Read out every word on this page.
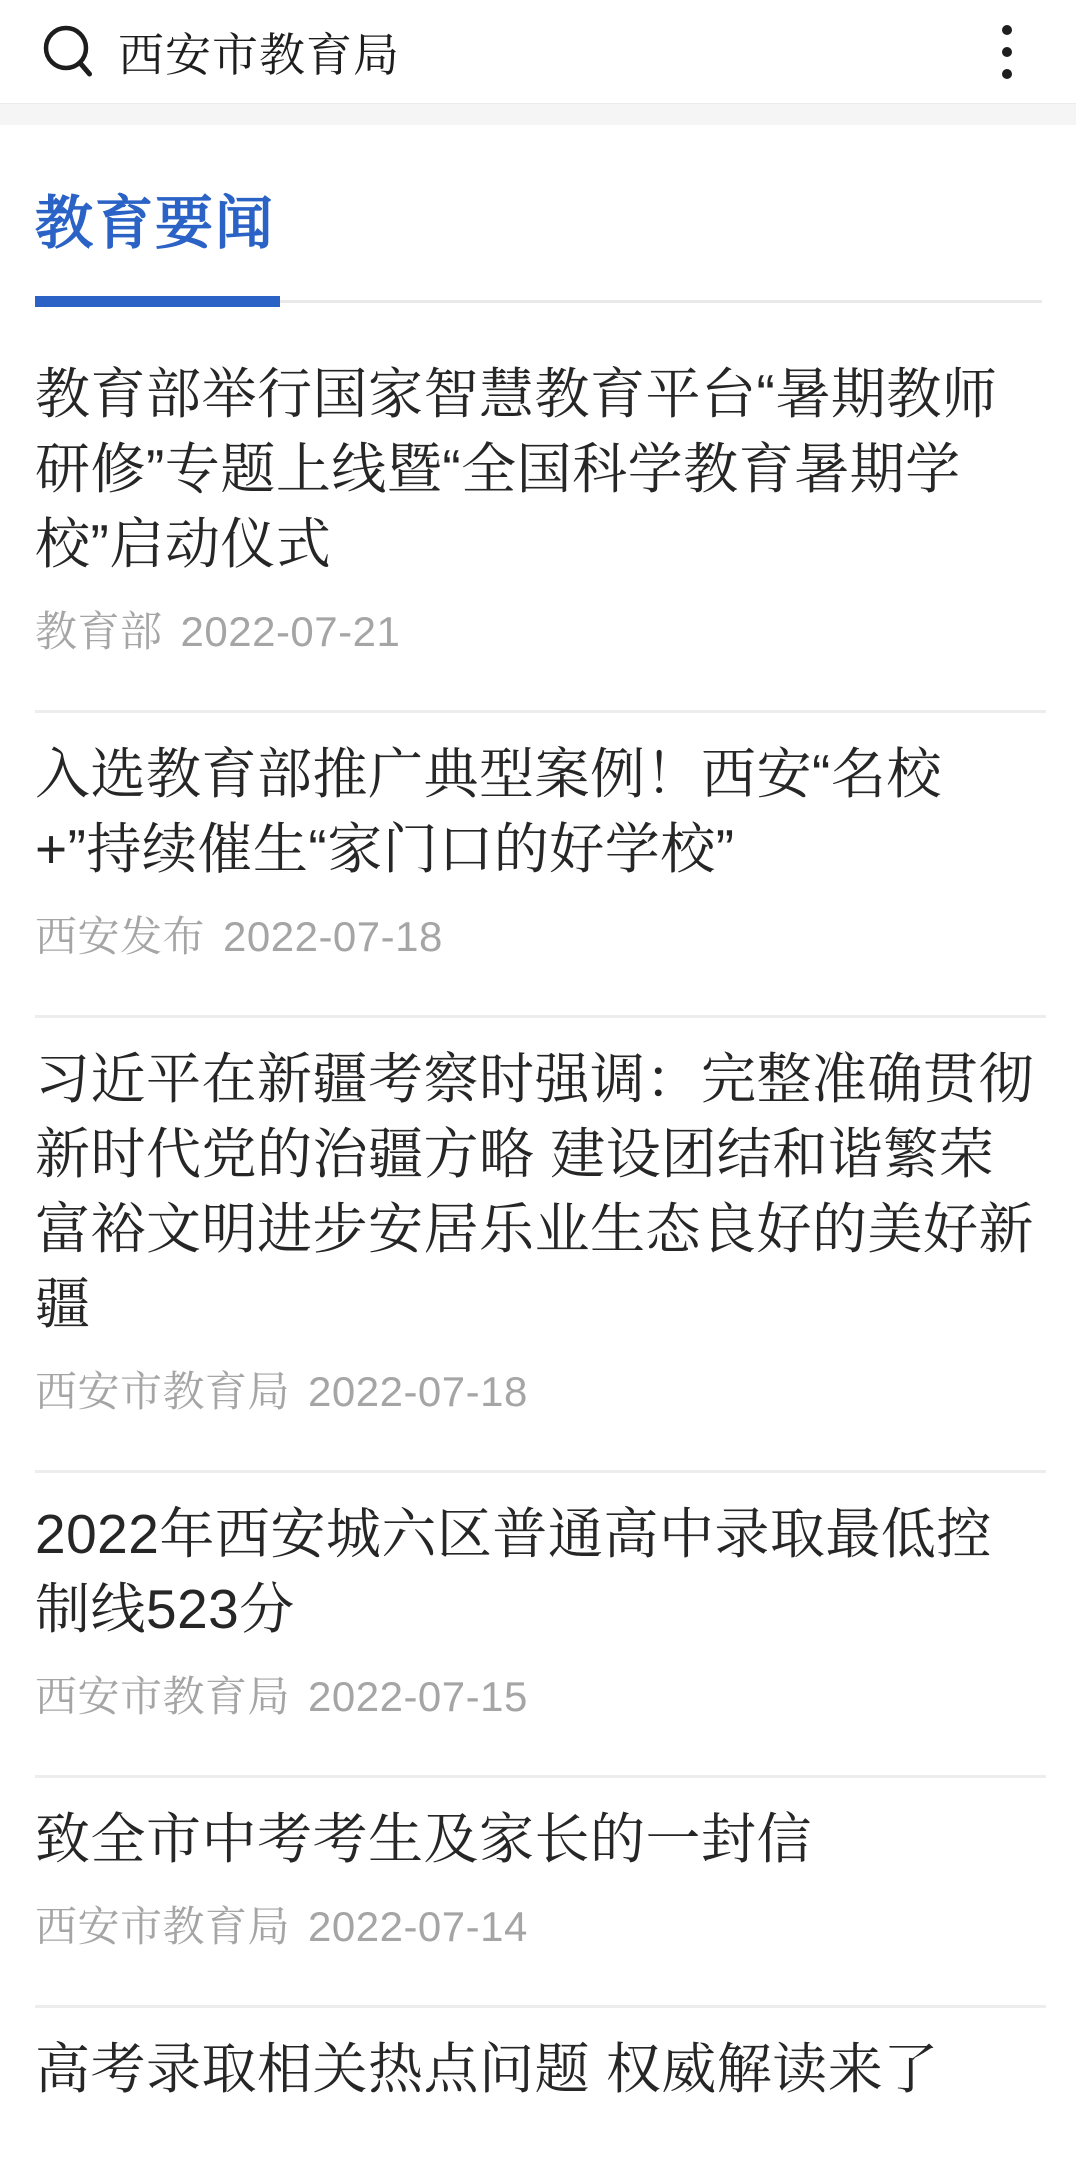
西安市教育局
教育要闻
教育部举行国家智慧教育平台“暑期教师研修”专题上线暨“全国科学教育暑期学校”启动仪式
教育部 2022-07-21
入选教育部推广典型案例！西安“名校+”持续催生“家门口的好学校”
西安发布 2022-07-18
习近平在新疆考察时强调：完整准确贯彻新时代党的治疆方略 建设团结和谐繁荣富裕文明进步安居乐业生态良好的美好新疆
西安市教育局 2022-07-18
2022年西安城六区普通高中录取最低控制线523分
西安市教育局 2022-07-15
致全市中考考生及家长的一封信
西安市教育局 2022-07-14
高考录取相关热点问题 权威解读来了
